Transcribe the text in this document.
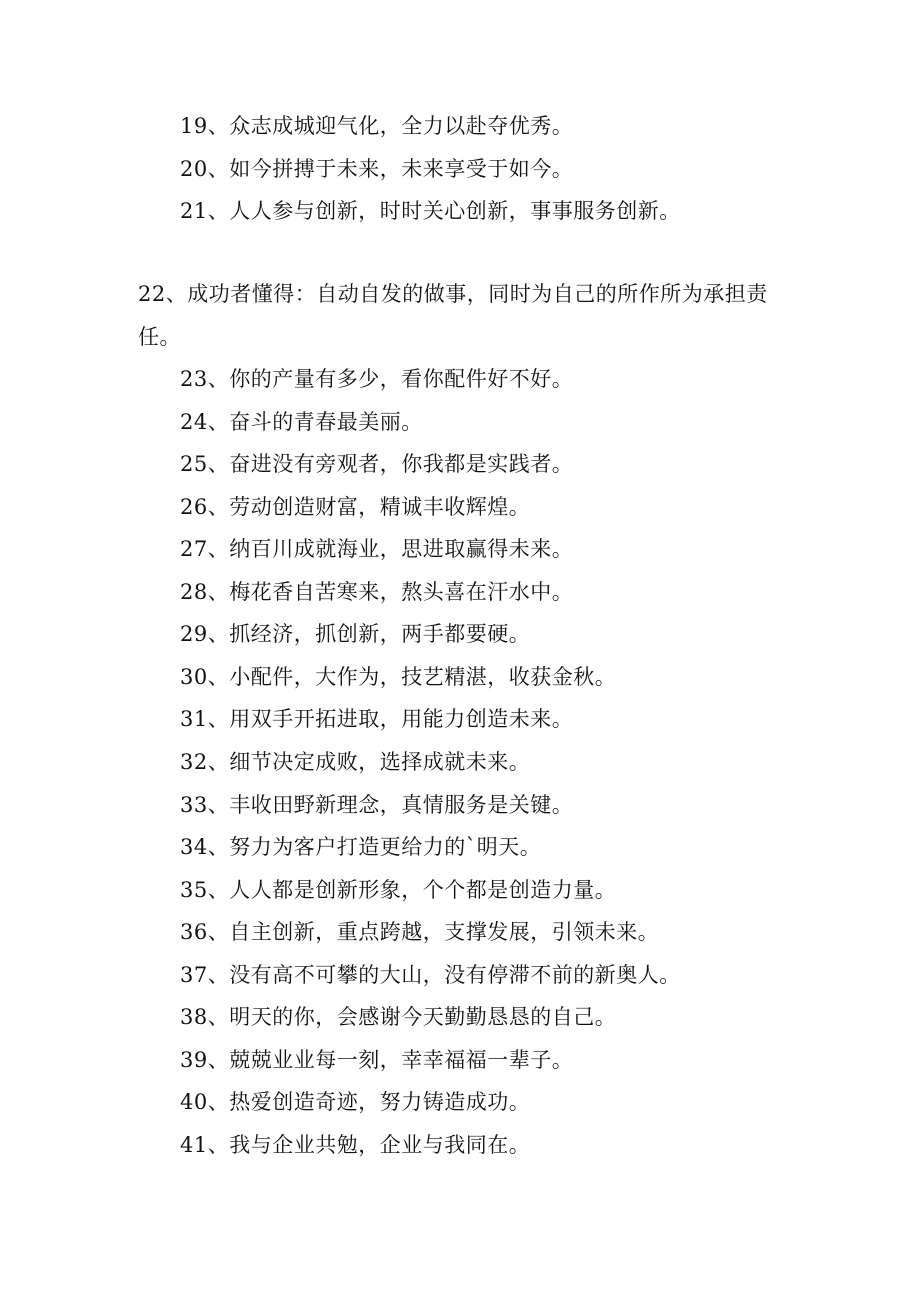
19、众志成城迎气化，全力以赴夺优秀。
20、如今拼搏于未来，未来享受于如今。
21、人人参与创新，时时关心创新，事事服务创新。
22、成功者懂得：自动自发的做事，同时为自己的所作所为承担责
任。
23、你的产量有多少，看你配件好不好。
24、奋斗的青春最美丽。
25、奋进没有旁观者，你我都是实践者。
26、劳动创造财富，精诚丰收辉煌。
27、纳百川成就海业，思进取赢得未来。
28、梅花香自苦寒来，熬头喜在汗水中。
29、抓经济，抓创新，两手都要硬。
30、小配件，大作为，技艺精湛，收获金秋。
31、用双手开拓进取，用能力创造未来。
32、细节决定成败，选择成就未来。
33、丰收田野新理念，真情服务是关键。
34、努力为客户打造更给力的`明天。
35、人人都是创新形象，个个都是创造力量。
36、自主创新，重点跨越，支撑发展，引领未来。
37、没有高不可攀的大山，没有停滞不前的新奥人。
38、明天的你，会感谢今天勤勤恳恳的自己。
39、兢兢业业每一刻，幸幸福福一辈子。
40、热爱创造奇迹，努力铸造成功。
41、我与企业共勉，企业与我同在。
